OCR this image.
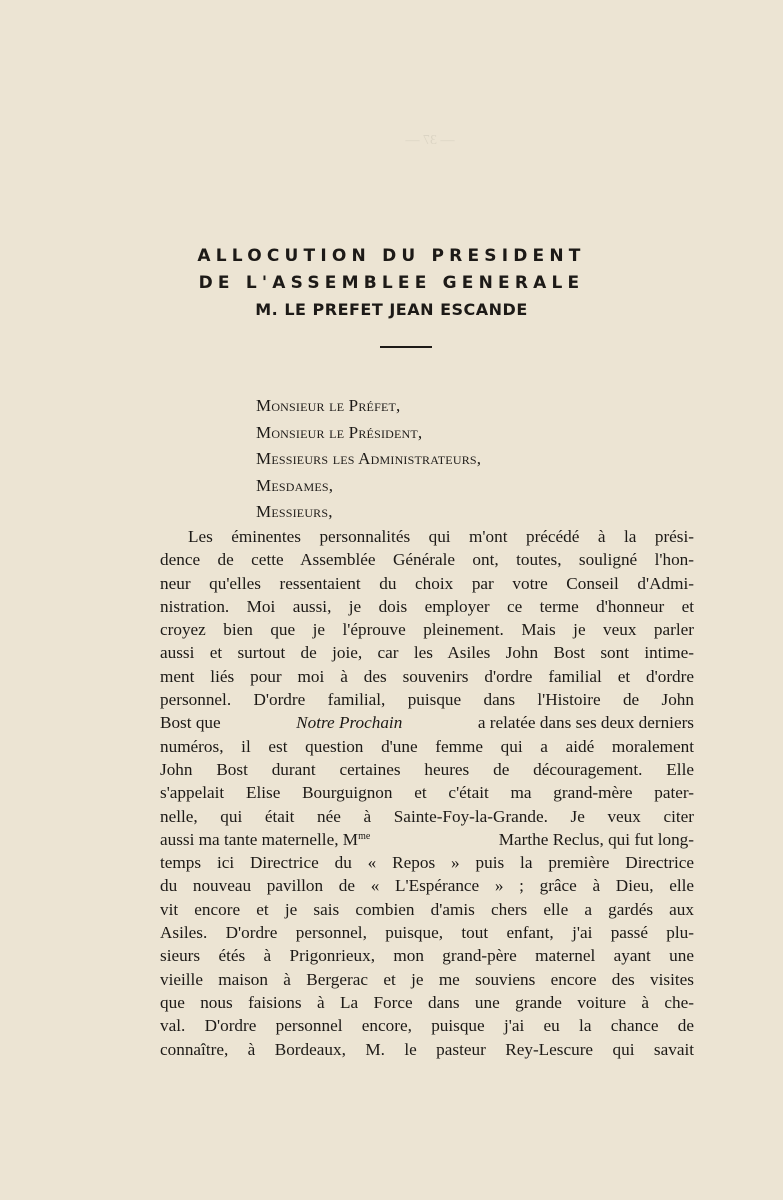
— 37 —
ALLOCUTION DU PRESIDENT
DE L'ASSEMBLEE GENERALE
M. LE PREFET JEAN ESCANDE
Monsieur le Préfet,
Monsieur le Président,
Messieurs les Administrateurs,
Mesdames,
Messieurs,
Les éminentes personnalités qui m'ont précédé à la prési-
dence de cette Assemblée Générale ont, toutes, souligné l'hon-
neur qu'elles ressentaient du choix par votre Conseil d'Admi-
nistration. Moi aussi, je dois employer ce terme d'honneur et
croyez bien que je l'éprouve pleinement. Mais je veux parler
aussi et surtout de joie, car les Asiles John Bost sont intime-
ment liés pour moi à des souvenirs d'ordre familial et d'ordre
personnel. D'ordre familial, puisque dans l'Histoire de John
Bost que	Notre Prochain	a relatée dans ses deux derniers
numéros, il est question d'une femme qui a aidé moralement
John Bost durant certaines heures de découragement. Elle
s'appelait Elise Bourguignon et c'était ma grand-mère pater-
nelle, qui était née à Sainte-Foy-la-Grande. Je veux citer
aussi ma tante maternelle, $M^{me}$	Marthe Reclus, qui fut long-
temps ici Directrice du « Repos » puis la première Directrice
du nouveau pavillon de « L'Espérance » ; grâce à Dieu, elle
vit encore et je sais combien d'amis chers elle a gardés aux
Asiles. D'ordre personnel, puisque, tout enfant, j'ai passé plu-
sieurs étés à Prigonrieux, mon grand-père maternel ayant une
vieille maison à Bergerac et je me souviens encore des visites
que nous faisions à La Force dans une grande voiture à che-
val. D'ordre personnel encore, puisque j'ai eu la chance de
connaître, à Bordeaux, M. le pasteur Rey-Lescure qui savait
